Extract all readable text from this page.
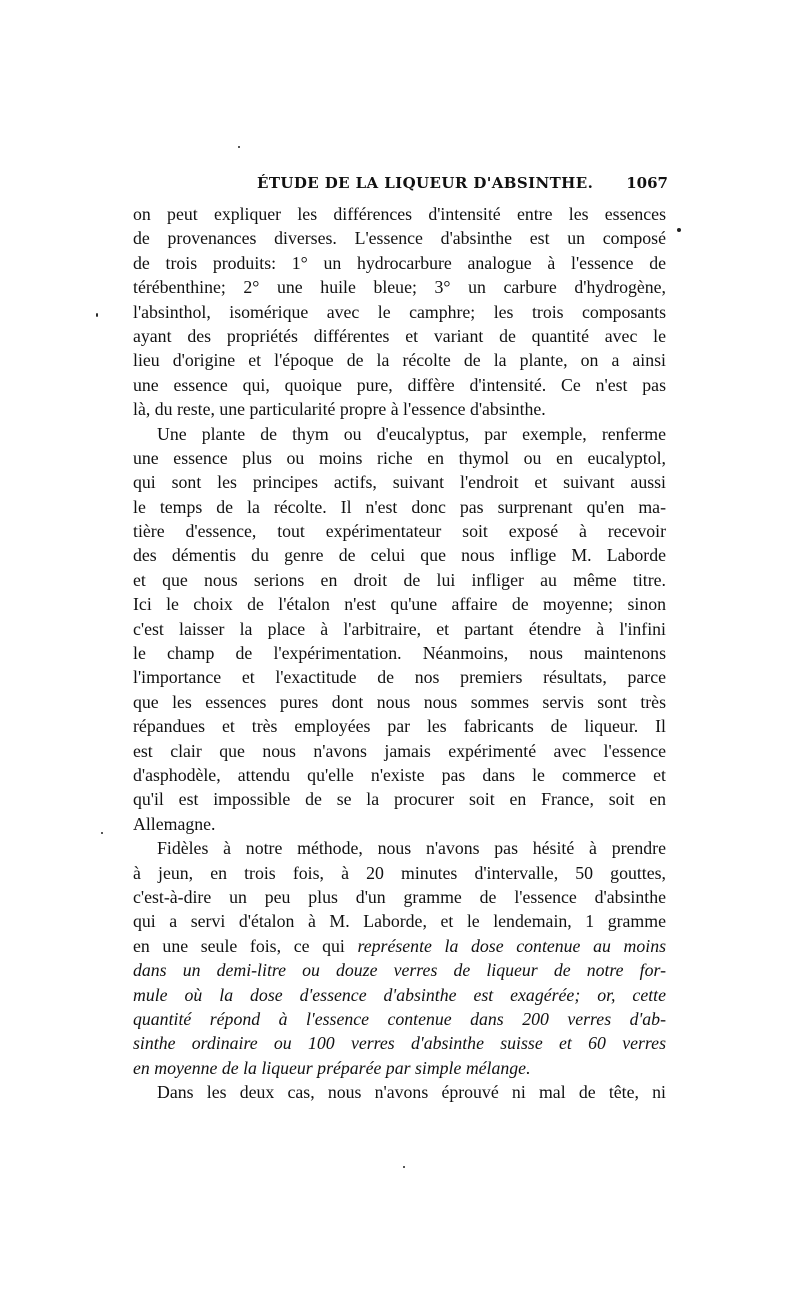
ÉTUDE DE LA LIQUEUR D'ABSINTHE. 1067
on peut expliquer les différences d'intensité entre les essences
de provenances diverses. L'essence d'absinthe est un composé
de trois produits: 1° un hydrocarbure analogue à l'essence de
térébenthine; 2° une huile bleue; 3° un carbure d'hydrogène,
l'absinthol, isomérique avec le camphre; les trois composants
ayant des propriétés différentes et variant de quantité avec le
lieu d'origine et l'époque de la récolte de la plante, on a ainsi
une essence qui, quoique pure, diffère d'intensité. Ce n'est pas
là, du reste, une particularité propre à l'essence d'absinthe.
Une plante de thym ou d'eucalyptus, par exemple, renferme
une essence plus ou moins riche en thymol ou en eucalyptol,
qui sont les principes actifs, suivant l'endroit et suivant aussi
le temps de la récolte. Il n'est donc pas surprenant qu'en ma-
tière d'essence, tout expérimentateur soit exposé à recevoir
des démentis du genre de celui que nous inflige M. Laborde
et que nous serions en droit de lui infliger au même titre.
Ici le choix de l'étalon n'est qu'une affaire de moyenne; sinon
c'est laisser la place à l'arbitraire, et partant étendre à l'infini
le champ de l'expérimentation. Néanmoins, nous maintenons
l'importance et l'exactitude de nos premiers résultats, parce
que les essences pures dont nous nous sommes servis sont très
répandues et très employées par les fabricants de liqueur. Il
est clair que nous n'avons jamais expérimenté avec l'essence
d'asphodèle, attendu qu'elle n'existe pas dans le commerce et
qu'il est impossible de se la procurer soit en France, soit en
Allemagne.
Fidèles à notre méthode, nous n'avons pas hésité à prendre
à jeun, en trois fois, à 20 minutes d'intervalle, 50 gouttes,
c'est-à-dire un peu plus d'un gramme de l'essence d'absinthe
qui a servi d'étalon à M. Laborde, et le lendemain, 1 gramme
en une seule fois, ce qui représente la dose contenue au moins
dans un demi-litre ou douze verres de liqueur de notre for-
mule où la dose d'essence d'absinthe est exagérée; or, cette
quantité répond à l'essence contenue dans 200 verres d'ab-
sinthe ordinaire ou 100 verres d'absinthe suisse et 60 verres
en moyenne de la liqueur préparée par simple mélange.
Dans les deux cas, nous n'avons éprouvé ni mal de tête, ni
